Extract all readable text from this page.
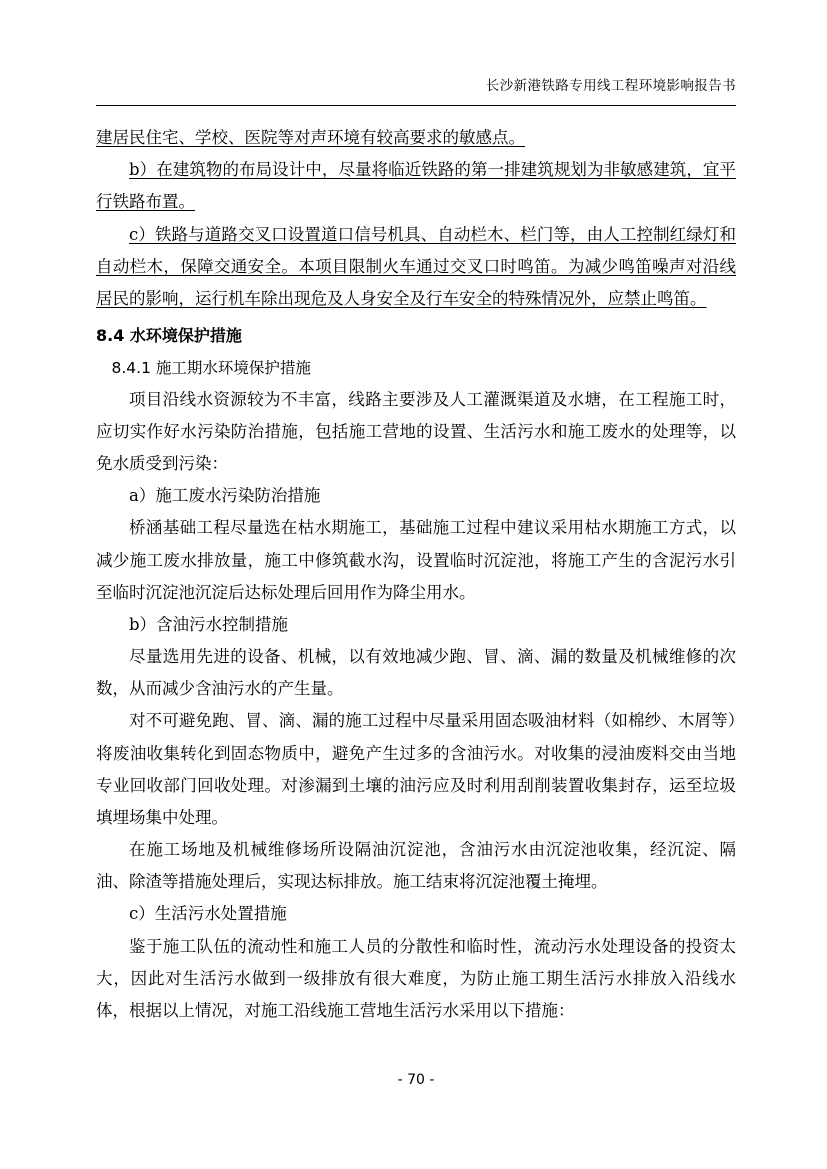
长沙新港铁路专用线工程环境影响报告书

建居民住宅、学校、医院等对声环境有较高要求的敏感点。

b）在建筑物的布局设计中，尽量将临近铁路的第一排建筑规划为非敏感建筑，宜平行铁路布置。

c）铁路与道路交叉口设置道口信号机具、自动栏木、栏门等，由人工控制红绿灯和自动栏木，保障交通安全。本项目限制火车通过交叉口时鸣笛。为减少鸣笛噪声对沿线居民的影响，运行机车除出现危及人身安全及行车安全的特殊情况外，应禁止鸣笛。

8.4 水环境保护措施

8.4.1 施工期水环境保护措施

项目沿线水资源较为不丰富，线路主要涉及人工灌溉渠道及水塘，在工程施工时，应切实作好水污染防治措施，包括施工营地的设置、生活污水和施工废水的处理等，以免水质受到污染：

a）施工废水污染防治措施

桥涵基础工程尽量选在枯水期施工，基础施工过程中建议采用枯水期施工方式，以减少施工废水排放量，施工中修筑截水沟，设置临时沉淀池，将施工产生的含泥污水引至临时沉淀池沉淀后达标处理后回用作为降尘用水。

b）含油污水控制措施

尽量选用先进的设备、机械，以有效地减少跑、冒、滴、漏的数量及机械维修的次数，从而减少含油污水的产生量。

对不可避免跑、冒、滴、漏的施工过程中尽量采用固态吸油材料（如棉纱、木屑等）将废油收集转化到固态物质中，避免产生过多的含油污水。对收集的浸油废料交由当地专业回收部门回收处理。对渗漏到土壤的油污应及时利用刮削装置收集封存，运至垃圾填埋场集中处理。

在施工场地及机械维修场所设隔油沉淀池，含油污水由沉淀池收集，经沉淀、隔油、除渣等措施处理后，实现达标排放。施工结束将沉淀池覆土掩埋。

c）生活污水处置措施

鉴于施工队伍的流动性和施工人员的分散性和临时性，流动污水处理设备的投资太大，因此对生活污水做到一级排放有很大难度，为防止施工期生活污水排放入沿线水体，根据以上情况，对施工沿线施工营地生活污水采用以下措施：

- 70 -
